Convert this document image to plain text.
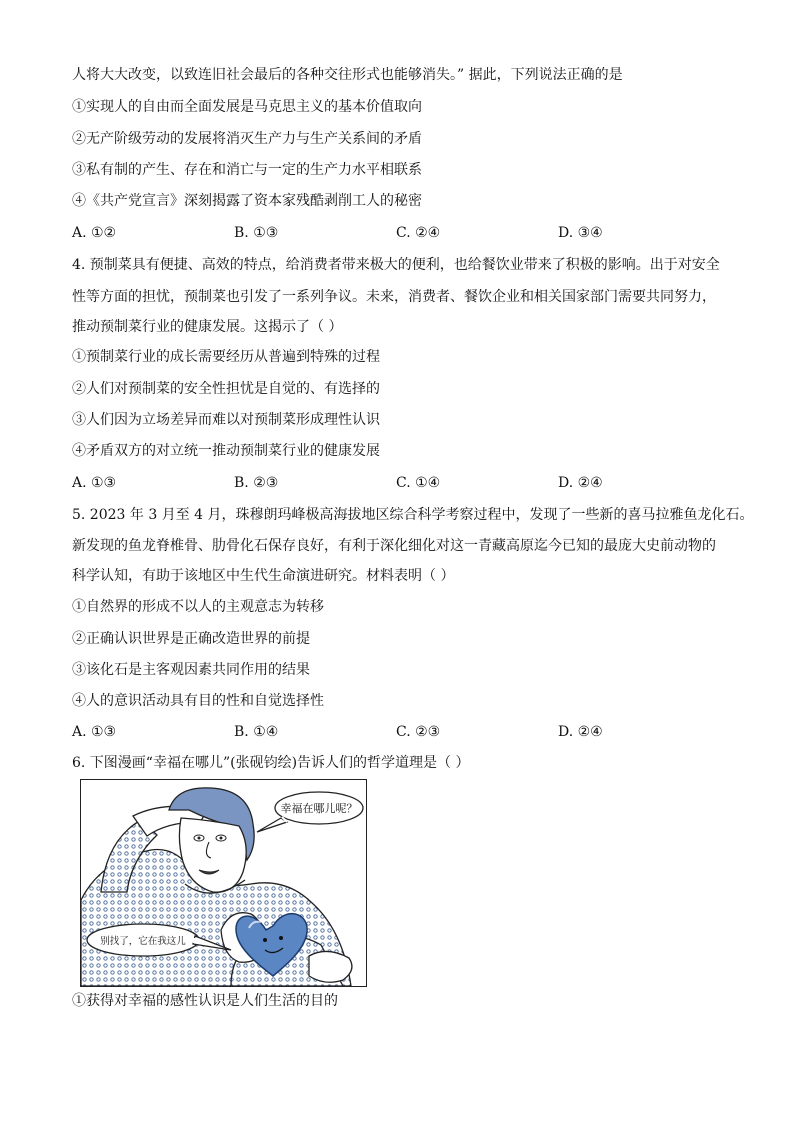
人将大大改变，以致连旧社会最后的各种交往形式也能够消失。” 据此，下列说法正确的是
①实现人的自由而全面发展是马克思主义的基本价值取向
②无产阶级劳动的发展将消灭生产力与生产关系间的矛盾
③私有制的产生、存在和消亡与一定的生产力水平相联系
④《共产党宣言》深刻揭露了资本家残酷剥削工人的秘密
A. ①②	B. ①③	C. ②④	D. ③④
4. 预制菜具有便捷、高效的特点，给消费者带来极大的便利，也给餐饮业带来了积极的影响。出于对安全
性等方面的担忧，预制菜也引发了一系列争议。未来，消费者、餐饮企业和相关国家部门需要共同努力，
推动预制菜行业的健康发展。这揭示了（ ）
①预制菜行业的成长需要经历从普遍到特殊的过程
②人们对预制菜的安全性担忧是自觉的、有选择的
③人们因为立场差异而难以对预制菜形成理性认识
④矛盾双方的对立统一推动预制菜行业的健康发展
A. ①③	B. ②③	C. ①④	D. ②④
5. 2023 年 3 月至 4 月，珠穆朗玛峰极高海拔地区综合科学考察过程中，发现了一些新的喜马拉雅鱼龙化石。
新发现的鱼龙脊椎骨、肋骨化石保存良好，有利于深化细化对这一青藏高原迄今已知的最庞大史前动物的
科学认知，有助于该地区中生代生命演进研究。材料表明（ ）
①自然界的形成不以人的主观意志为转移
②正确认识世界是正确改造世界的前提
③该化石是主客观因素共同作用的结果
④人的意识活动具有目的性和自觉选择性
A. ①③	B. ①④	C. ②③	D. ②④
6. 下图漫画“幸福在哪儿”(张砚钧绘)告诉人们的哲学道理是（ ）
幸福在哪儿呢？
别找了，它在我这儿
①获得对幸福的感性认识是人们生活的目的
